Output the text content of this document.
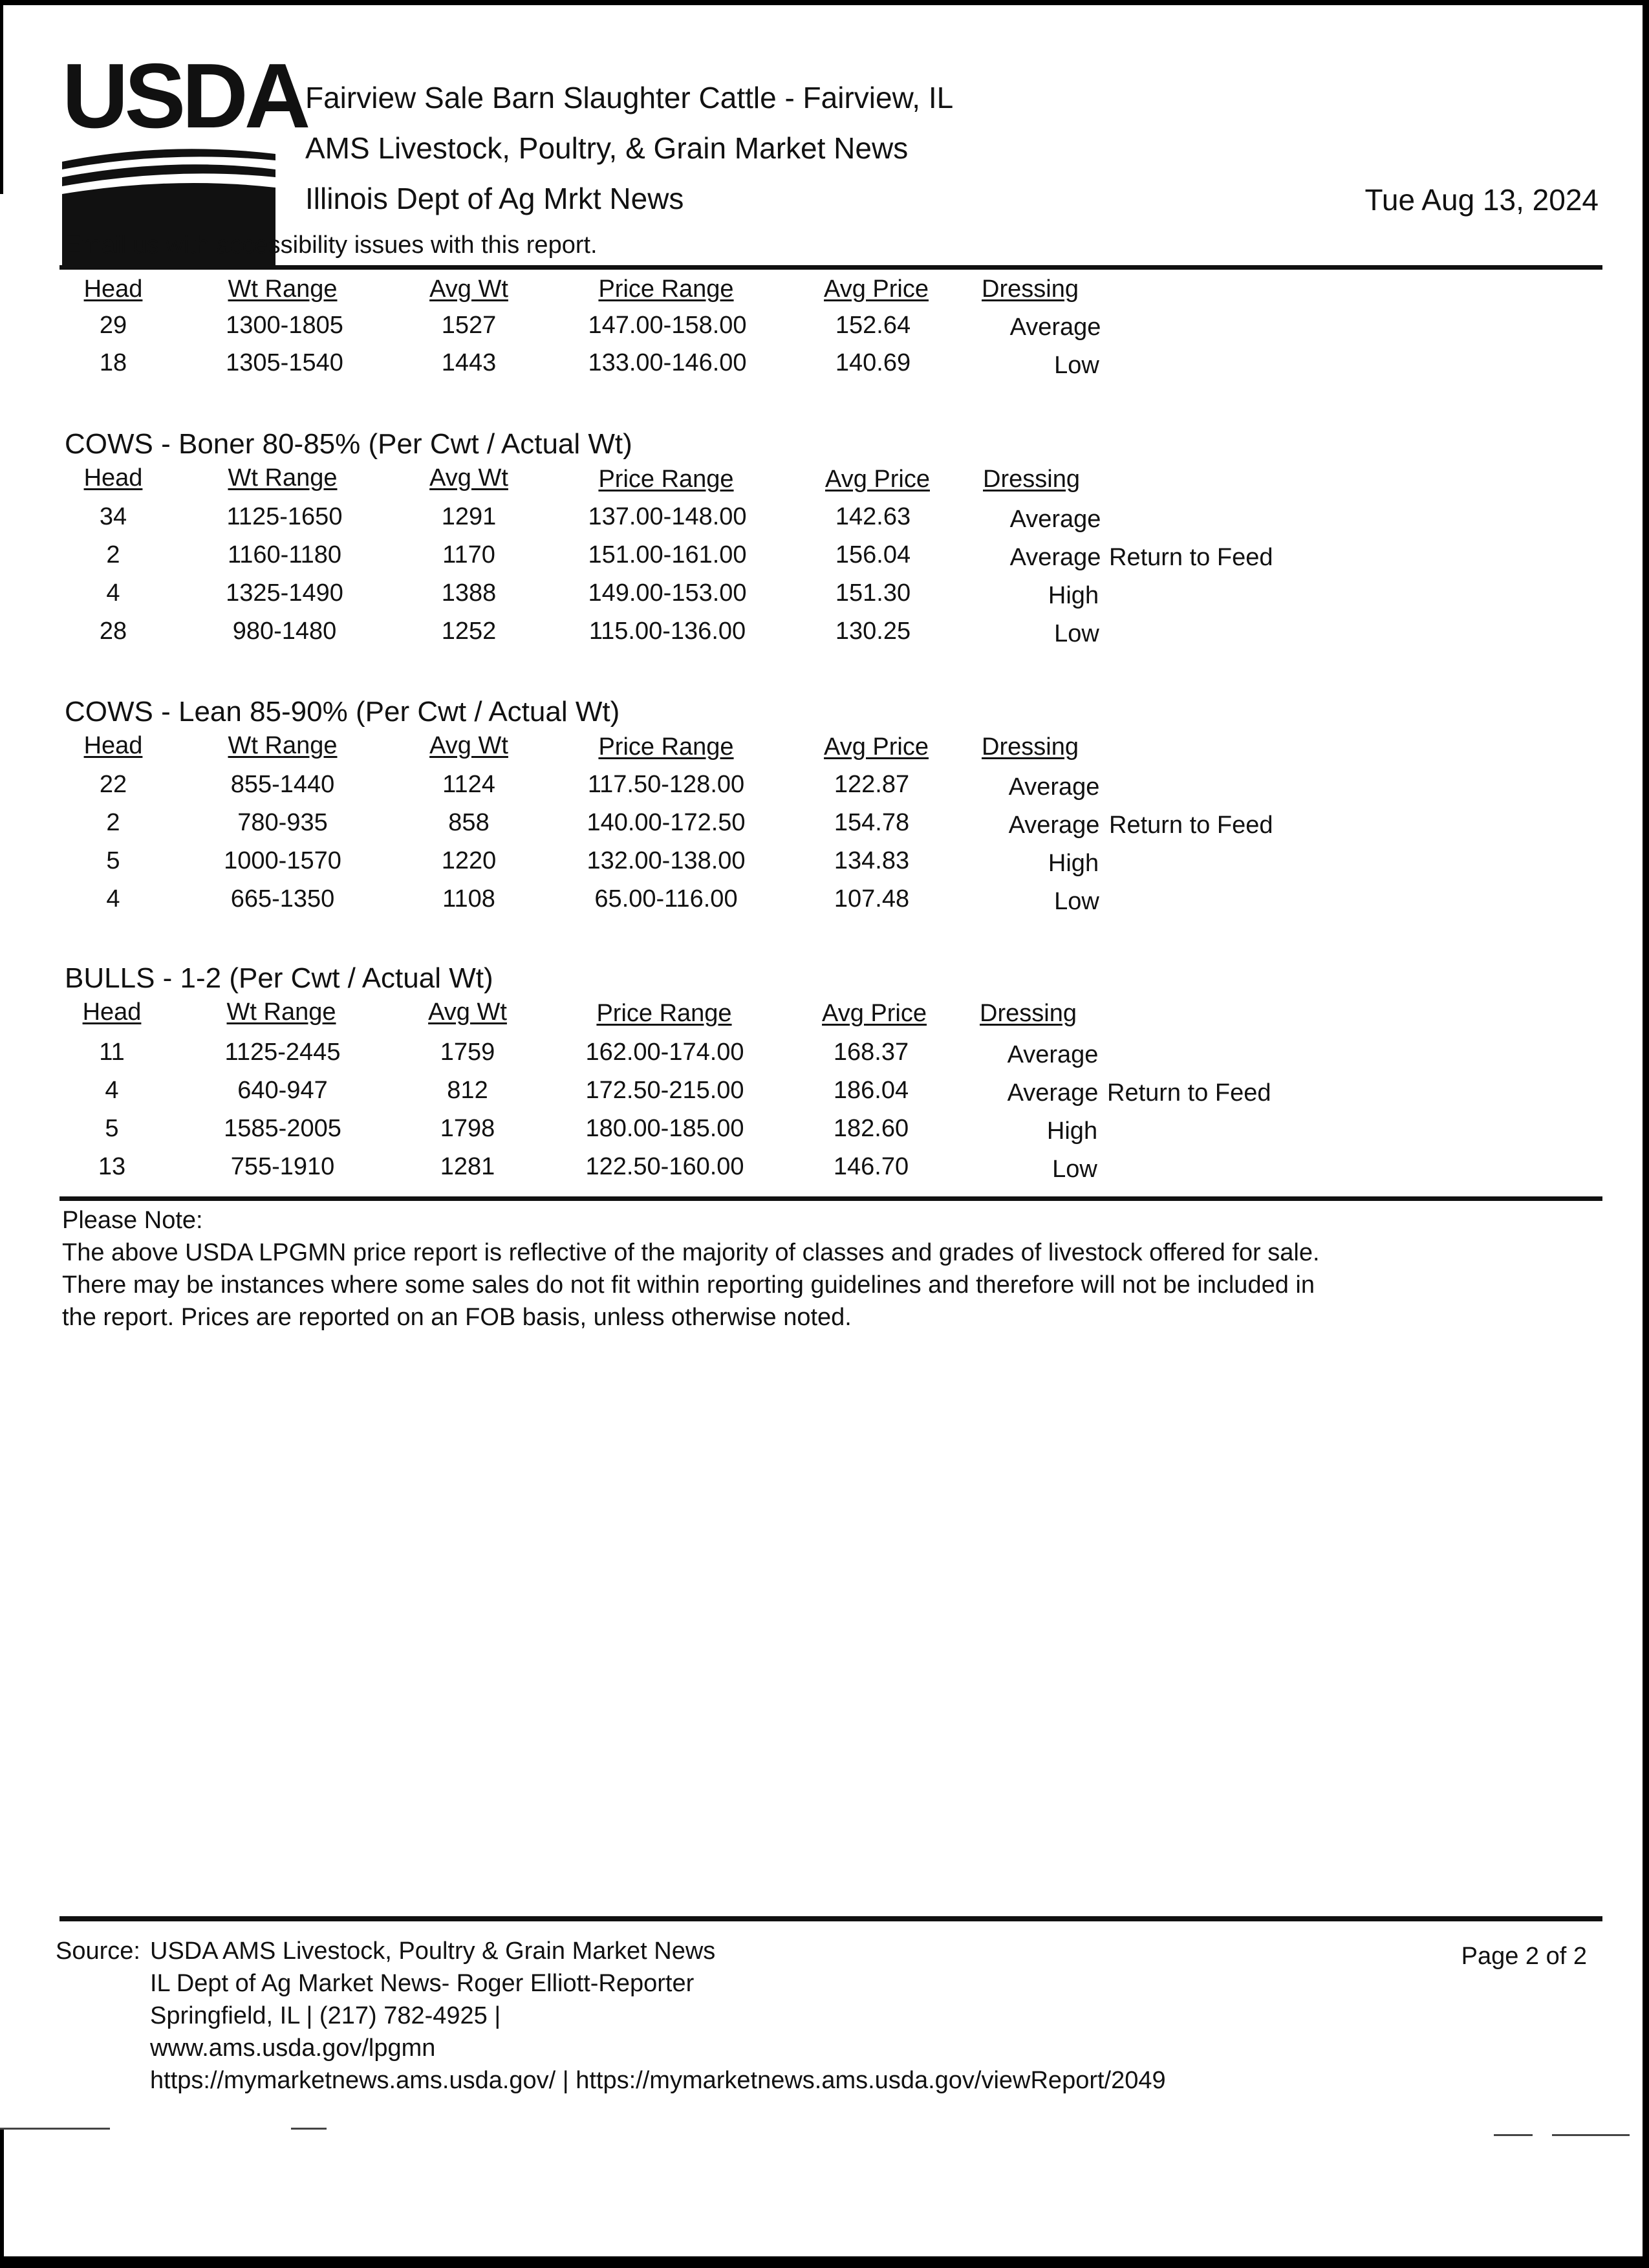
USDA
Fairview Sale Barn Slaughter Cattle - Fairview, IL
AMS Livestock, Poultry, & Grain Market News
Illinois Dept of Ag Mrkt News	Tue Aug 13, 2024
Email us with accessibility issues with this report.
Head	Wt Range	Avg Wt	Price Range	Avg Price Dressing
29	1300-1805	1527	147.00-158.00	152.64	Average
18	1305-1540	1443	133.00-146.00	140.69	Low
COWS - Boner 80-85% (Per Cwt / Actual Wt)
Head	Wt Range	Avg Wt	Price Range	Avg Price Dressing
34	1125-1650	1291	137.00-148.00	142.63	Average
2	1160-1180	1170	151.00-161.00	156.04	Average Return to Feed
4	1325-1490	1388	149.00-153.00	151.30	High
28	980-1480	1252	115.00-136.00	130.25	Low
COWS - Lean 85-90% (Per Cwt / Actual Wt)
Head	Wt Range	Avg Wt	Price Range	Avg Price Dressing
22	855-1440	1124	117.50-128.00	122.87	Average
2	780-935	858	140.00-172.50	154.78	Average Return to Feed
5	1000-1570	1220	132.00-138.00	134.83	High
4	665-1350	1108	65.00-116.00	107.48	Low
BULLS - 1-2 (Per Cwt / Actual Wt)
Head	Wt Range	Avg Wt	Price Range	Avg Price Dressing
11	1125-2445	1759	162.00-174.00	168.37	Average
4	640-947	812	172.50-215.00	186.04	Average Return to Feed
5	1585-2005	1798	180.00-185.00	182.60	High
13	755-1910	1281	122.50-160.00	146.70	Low
Please Note:
The above USDA LPGMN price report is reflective of the majority of classes and grades of livestock offered for sale.
There may be instances where some sales do not fit within reporting guidelines and therefore will not be included in
the report. Prices are reported on an FOB basis, unless otherwise noted.
Source: USDA AMS Livestock, Poultry & Grain Market News
IL Dept of Ag Market News- Roger Elliott-Reporter
Springfield, IL | (217) 782-4925 |
www.ams.usda.gov/lpgmn
https://mymarketnews.ams.usda.gov/ | https://mymarketnews.ams.usda.gov/viewReport/2049
Page 2 of 2
